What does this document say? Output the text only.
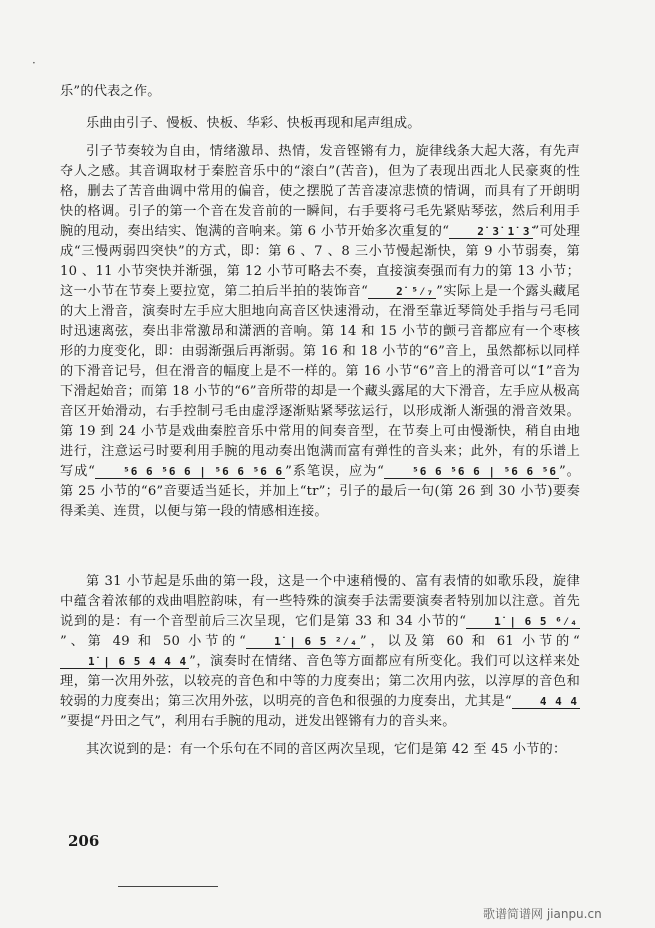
·

乐”的代表之作。

乐曲由引子、慢板、快板、华彩、快板再现和尾声组成。

引子节奏较为自由，情绪激昂、热情，发音铿锵有力，旋律线条大起大落，有先声夺人之感。其音调取材于秦腔音乐中的“滚白”(苦音)，但为了表现出西北人民豪爽的性格，删去了苦音曲调中常用的偏音，使之摆脱了苦音凄凉悲愤的情调，而具有了开朗明快的格调。引子的第一个音在发音前的一瞬间，右手要将弓毛先紧贴琴弦，然后利用手腕的甩动，奏出结实、饱满的音响来。第 6 小节开始多次重复的“	2̇ 3̇ 1̇ 3̇ ”可处理成“三慢两弱四突快”的方式，即：第 6 、7 、8 三小节慢起渐快，第 9 小节弱奏，第 10 、11 小节突快并渐强，第 12 小节可略去不奏，直接演奏强而有力的第 13 小节；这一小节在节奏上要拉宽，第二拍后半拍的装饰音“	2̇ ⁵⁄₇ ”实际上是一个露头藏尾的大上滑音，演奏时左手应大胆地向高音区快速滑动，在滑至靠近琴筒处手指与弓毛同时迅速离弦，奏出非常激昂和潇洒的音响。第 14 和 15 小节的颤弓音都应有一个枣核形的力度变化，即：由弱渐强后再渐弱。第 16 和 18 小节的“6”音上，虽然都标以同样的下滑音记号，但在滑音的幅度上是不一样的。第 16 小节“6”音上的滑音可以“1̇”音为下滑起始音；而第 18 小节的“6”音所带的却是一个藏头露尾的大下滑音，左手应从极高音区开始滑动，右手控制弓毛由虚浮逐渐贴紧琴弦运行，以形成渐人渐强的滑音效果。第 19 到 24 小节是戏曲秦腔音乐中常用的间奏音型，在节奏上可由慢渐快，稍自由地进行，注意运弓时要利用手腕的甩动奏出饱满而富有弹性的音头来；此外，有的乐谱上写成“	⁵6 6 ⁵6 6 | ⁵6 6 ⁵6 6 ”系笔误，应为“	⁵6 6 ⁵6 6 | ⁵6 6 ⁵6 ”。第 25 小节的“6”音要适当延长，并加上“tr”；引子的最后一句(第 26 到 30 小节)要奏得柔美、连贯，以便与第一段的情感相连接。

第 31 小节起是乐曲的第一段，这是一个中速稍慢的、富有表情的如歌乐段，旋律中蕴含着浓郁的戏曲唱腔韵味，有一些特殊的演奏手法需要演奏者特别加以注意。首先说到的是：有一个音型前后三次呈现，它们是第 33 和 34 小节的“	1̇ | 6 5 ⁶⁄₄”、第 49 和 50 小节的“	1̇ | 6 5 ²⁄₄ ”，以及第 60 和 61 小节的“1̇ | 6 5 4 4 4 ”，演奏时在情绪、音色等方面都应有所变化。我们可以这样来处理，第一次用外弦，以较亮的音色和中等的力度奏出；第二次用内弦，以淳厚的音色和较弱的力度奏出；第三次用外弦，以明亮的音色和很强的力度奏出，尤其是“	4 4 4”要提“丹田之气”，利用右手腕的甩动，迸发出铿锵有力的音头来。

其次说到的是：有一个乐句在不同的音区两次呈现，它们是第 42 至 45 小节的：

206
歌谱简谱网 jianpu.cn
